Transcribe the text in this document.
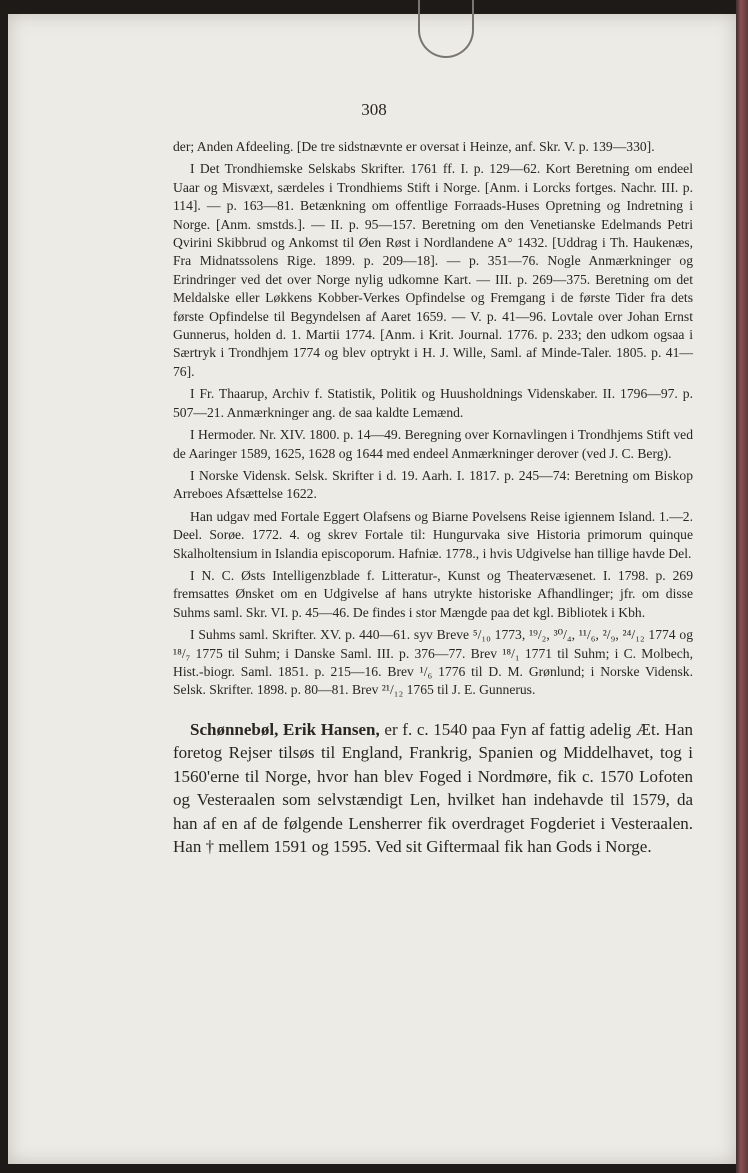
308

der; Anden Afdeeling. [De tre sidstnævnte er oversat i Heinze, anf. Skr. V. p. 139—330].

I Det Trondhiemske Selskabs Skrifter. 1761 ff. I. p. 129—62. Kort Beretning om endeel Uaar og Misvæxt, særdeles i Trondhiems Stift i Norge. [Anm. i Lorcks fortges. Nachr. III. p. 114]. — p. 163—81. Betænkning om offentlige Forraads-Huses Opretning og Indretning i Norge. [Anm. smstds.]. — II. p. 95—157. Beretning om den Venetianske Edelmands Petri Qvirini Skibbrud og Ankomst til Øen Røst i Nordlandene A° 1432. [Uddrag i Th. Haukenæs, Fra Midnatssolens Rige. 1899. p. 209—18]. — p. 351—76. Nogle Anmærkninger og Erindringer ved det over Norge nylig udkomne Kart. — III. p. 269—375. Beretning om det Meldalske eller Løkkens Kobber-Verkes Opfindelse og Fremgang i de første Tider fra dets første Opfindelse til Begyndelsen af Aaret 1659. — V. p. 41—96. Lovtale over Johan Ernst Gunnerus, holden d. 1. Martii 1774. [Anm. i Krit. Journal. 1776. p. 233; den udkom ogsaa i Særtryk i Trondhjem 1774 og blev optrykt i H. J. Wille, Saml. af Minde-Taler. 1805. p. 41—76].

I Fr. Thaarup, Archiv f. Statistik, Politik og Huusholdnings Videnskaber. II. 1796—97. p. 507—21. Anmærkninger ang. de saa kaldte Lemænd.

I Hermoder. Nr. XIV. 1800. p. 14—49. Beregning over Kornavlingen i Trondhjems Stift ved de Aaringer 1589, 1625, 1628 og 1644 med endeel Anmærkninger derover (ved J. C. Berg).

I Norske Vidensk. Selsk. Skrifter i d. 19. Aarh. I. 1817. p. 245—74: Beretning om Biskop Arreboes Afsættelse 1622.

Han udgav med Fortale Eggert Olafsens og Biarne Povelsens Reise igiennem Island. 1.—2. Deel. Sorøe. 1772. 4. og skrev Fortale til: Hungurvaka sive Historia primorum quinque Skalholtensium in Islandia episcoporum. Hafniæ. 1778., i hvis Udgivelse han tillige havde Del.

I N. C. Østs Intelligenzblade f. Litteratur-, Kunst og Theatervæsenet. I. 1798. p. 269 fremsattes Ønsket om en Udgivelse af hans utrykte historiske Afhandlinger; jfr. om disse Suhms saml. Skr. VI. p. 45—46. De findes i stor Mængde paa det kgl. Bibliotek i Kbh.

I Suhms saml. Skrifter. XV. p. 440—61. syv Breve ⁵/₁₀ 1773, ¹⁹/₂, ³⁰/₄, ¹¹/₆, ²/₉, ²⁴/₁₂ 1774 og ¹⁸/₇ 1775 til Suhm; i Danske Saml. III. p. 376—77. Brev ¹⁸/₁ 1771 til Suhm; i C. Molbech, Hist.-biogr. Saml. 1851. p. 215—16. Brev ¹/₆ 1776 til D. M. Grønlund; i Norske Vidensk. Selsk. Skrifter. 1898. p. 80—81. Brev ²¹/₁₂ 1765 til J. E. Gunnerus.

Schønnebøl, Erik Hansen, er f. c. 1540 paa Fyn af fattig adelig Æt. Han foretog Rejser tilsøs til England, Frankrig, Spanien og Middelhavet, tog i 1560'erne til Norge, hvor han blev Foged i Nordmøre, fik c. 1570 Lofoten og Vesteraalen som selvstændigt Len, hvilket han indehavde til 1579, da han af en af de følgende Lensherrer fik overdraget Fogderiet i Vesteraalen. Han † mellem 1591 og 1595. Ved sit Giftermaal fik han Gods i Norge.
